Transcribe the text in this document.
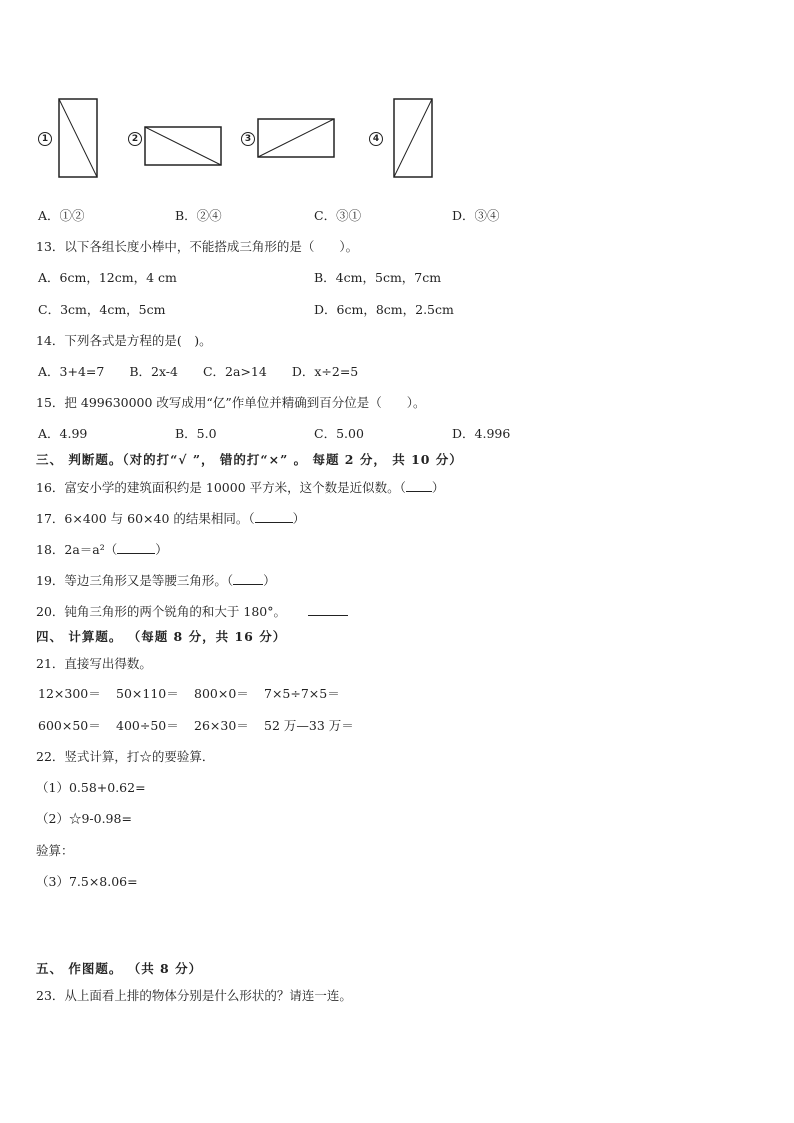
1	2	3	4
A．①②	B．②④	C．③①	D．③④
13．以下各组长度小棒中，不能搭成三角形的是（　　）。
A．6cm，12cm，4 cm	B．4cm，5cm，7cm
C．3cm，4cm，5cm	D．6cm，8cm，2.5cm
14．下列各式是方程的是(　)。
A．3+4=7　　B．2x-4　　C．2a>14　　D．x÷2=5
15．把 499630000 改写成用“亿”作单位并精确到百分位是（　　）。
A．4.99	B．5.0	C．5.00	D．4.996
三、 判断题。（对的打“√ ”， 错的打“×” 。 每题 2 分， 共 10 分）
16．富安小学的建筑面积约是 10000 平方米，这个数是近似数。（ ）
17．6×400 与 60×40 的结果相同。（	）
18．2a＝a²（	）
19．等边三角形又是等腰三角形。（ ）
20．钝角三角形的两个锐角的和大于 180°。
四、 计算题。 （每题 8 分，共 16 分）
21．直接写出得数。
12×300＝ 50×110＝ 800×0＝ 7×5÷7×5＝
600×50＝ 400÷50＝ 26×30＝ 52 万—33 万＝
22．竖式计算，打☆的要验算．
（1）0.58+0.62=
（2）☆9-0.98=
验算：
（3）7.5×8.06=
五、 作图题。 （共 8 分）
23．从上面看上排的物体分别是什么形状的？请连一连。
